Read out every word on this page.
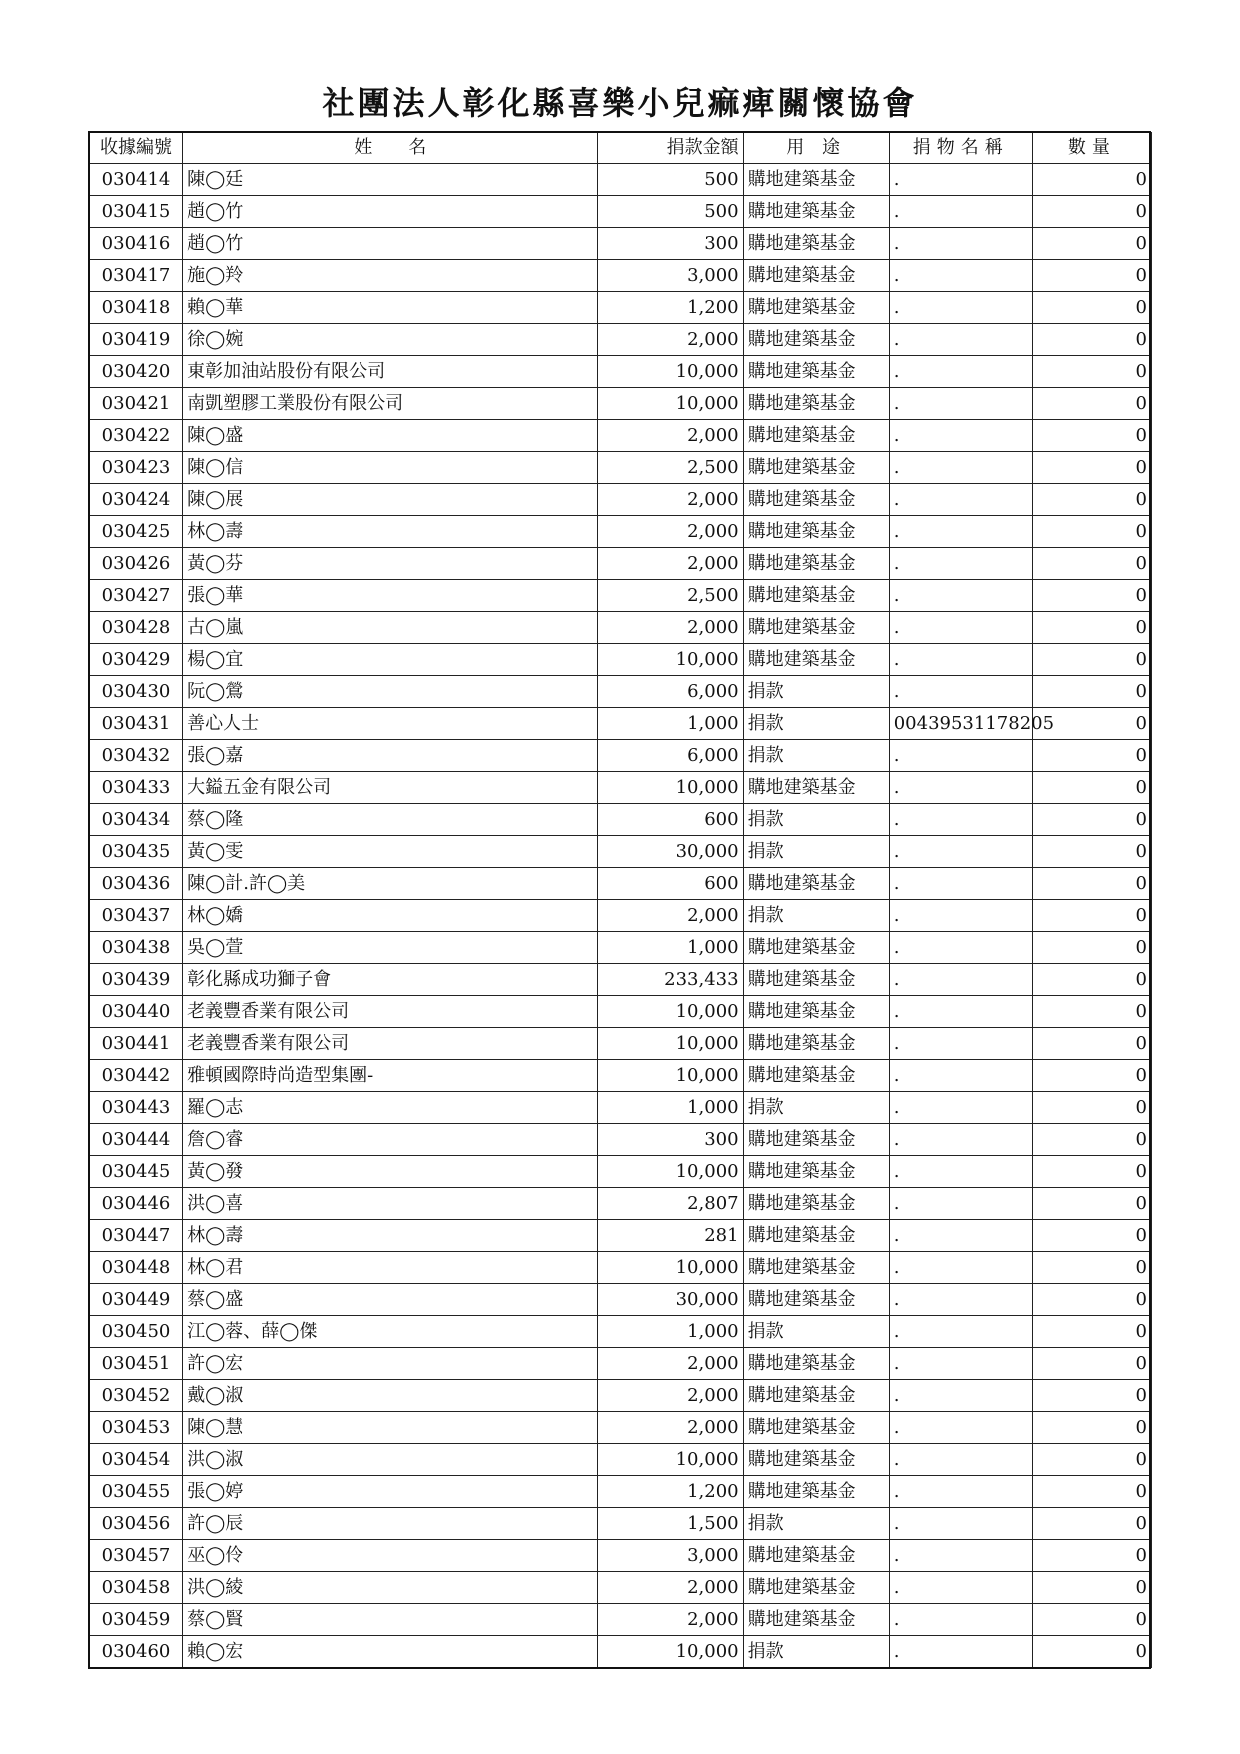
社團法人彰化縣喜樂小兒痲痺關懷協會
收據編號	姓　　名	捐款金額	用 途	捐物名稱	數量
030414	陳◯廷	500	購地建築基金	.	0
030415	趙◯竹	500	購地建築基金	.	0
030416	趙◯竹	300	購地建築基金	.	0
030417	施◯羚	3,000	購地建築基金	.	0
030418	賴◯華	1,200	購地建築基金	.	0
030419	徐◯婉	2,000	購地建築基金	.	0
030420	東彰加油站股份有限公司	10,000	購地建築基金	.	0
030421	南凱塑膠工業股份有限公司	10,000	購地建築基金	.	0
030422	陳◯盛	2,000	購地建築基金	.	0
030423	陳◯信	2,500	購地建築基金	.	0
030424	陳◯展	2,000	購地建築基金	.	0
030425	林◯壽	2,000	購地建築基金	.	0
030426	黃◯芬	2,000	購地建築基金	.	0
030427	張◯華	2,500	購地建築基金	.	0
030428	古◯嵐	2,000	購地建築基金	.	0
030429	楊◯宜	10,000	購地建築基金	.	0
030430	阮◯鶯	6,000	捐款	.	0
030431	善心人士	1,000	捐款	00439531178205	0
030432	張◯嘉	6,000	捐款	.	0
030433	大鎰五金有限公司	10,000	購地建築基金	.	0
030434	蔡◯隆	600	捐款	.	0
030435	黃◯雯	30,000	捐款	.	0
030436	陳◯計.許◯美	600	購地建築基金	.	0
030437	林◯嬌	2,000	捐款	.	0
030438	吳◯萱	1,000	購地建築基金	.	0
030439	彰化縣成功獅子會	233,433	購地建築基金	.	0
030440	老義豐香業有限公司	10,000	購地建築基金	.	0
030441	老義豐香業有限公司	10,000	購地建築基金	.	0
030442	雅頓國際時尚造型集團-	10,000	購地建築基金	.	0
030443	羅◯志	1,000	捐款	.	0
030444	詹◯睿	300	購地建築基金	.	0
030445	黃◯發	10,000	購地建築基金	.	0
030446	洪◯喜	2,807	購地建築基金	.	0
030447	林◯壽	281	購地建築基金	.	0
030448	林◯君	10,000	購地建築基金	.	0
030449	蔡◯盛	30,000	購地建築基金	.	0
030450	江◯蓉、薛◯傑	1,000	捐款	.	0
030451	許◯宏	2,000	購地建築基金	.	0
030452	戴◯淑	2,000	購地建築基金	.	0
030453	陳◯慧	2,000	購地建築基金	.	0
030454	洪◯淑	10,000	購地建築基金	.	0
030455	張◯婷	1,200	購地建築基金	.	0
030456	許◯辰	1,500	捐款	.	0
030457	巫◯伶	3,000	購地建築基金	.	0
030458	洪◯綾	2,000	購地建築基金	.	0
030459	蔡◯賢	2,000	購地建築基金	.	0
030460	賴◯宏	10,000	捐款	.	0
